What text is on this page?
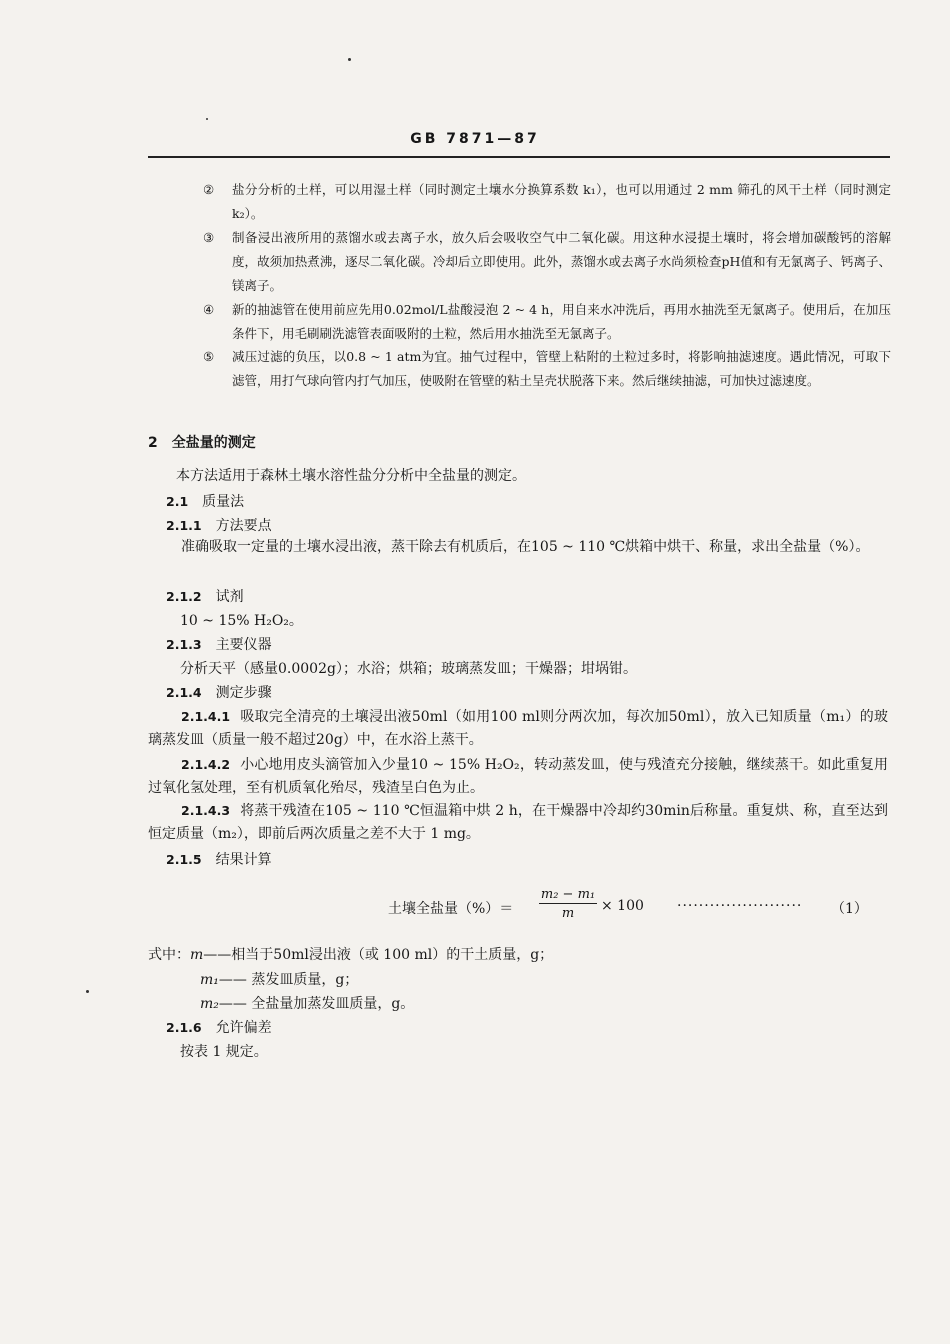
GB 7871—87
② 盐分分析的土样，可以用湿土样（同时测定土壤水分换算系数 k₁），也可以用通过 2 mm 筛孔的风干土样（同时测定k₂）。
③ 制备浸出液所用的蒸馏水或去离子水，放久后会吸收空气中二氧化碳。用这种水浸提土壤时，将会增加碳酸钙的溶解度，故须加热煮沸，逐尽二氧化碳。冷却后立即使用。此外，蒸馏水或去离子水尚须检查pH值和有无氯离子、钙离子、镁离子。
④ 新的抽滤管在使用前应先用0.02mol/L盐酸浸泡 2 ~ 4 h，用自来水冲洗后，再用水抽洗至无氯离子。使用后，在加压条件下，用毛刷刷洗滤管表面吸附的土粒，然后用水抽洗至无氯离子。
⑤ 减压过滤的负压，以0.8 ~ 1 atm为宜。抽气过程中，管壁上粘附的土粒过多时，将影响抽滤速度。遇此情况，可取下滤管，用打气球向管内打气加压，使吸附在管壁的粘土呈壳状脱落下来。然后继续抽滤，可加快过滤速度。
2　全盐量的测定
本方法适用于森林土壤水溶性盐分分析中全盐量的测定。
2.1 质量法
2.1.1 方法要点
准确吸取一定量的土壤水浸出液，蒸干除去有机质后，在105 ~ 110 ℃烘箱中烘干、称量，求出全盐量（%）。
2.1.2 试剂
10 ~ 15% H₂O₂。
2.1.3 主要仪器
分析天平（感量0.0002g）；水浴；烘箱；玻璃蒸发皿；干燥器；坩埚钳。
2.1.4 测定步骤
2.1.4.1 吸取完全清亮的土壤浸出液50ml（如用100 ml则分两次加，每次加50ml），放入已知质量（m₁）的玻璃蒸发皿（质量一般不超过20g）中，在水浴上蒸干。
2.1.4.2 小心地用皮头滴管加入少量10 ~ 15% H₂O₂，转动蒸发皿，使与残渣充分接触，继续蒸干。如此重复用过氧化氢处理，至有机质氧化殆尽，残渣呈白色为止。
2.1.4.3 将蒸干残渣在105 ~ 110 ℃恒温箱中烘 2 h，在干燥器中冷却约30min后称量。重复烘、称，直至达到恒定质量（m₂），即前后两次质量之差不大于 1 mg。
2.1.5 结果计算
土壤全盐量（%）＝ $\frac{\text{m₂ − m₁}}{m} \times 100$ ······················· （1）
式中：m——相当于50ml浸出液（或 100 ml）的干土质量，g；
m₁—— 蒸发皿质量，g；
m₂—— 全盐量加蒸发皿质量，g。
2.1.6 允许偏差
按表 1 规定。
